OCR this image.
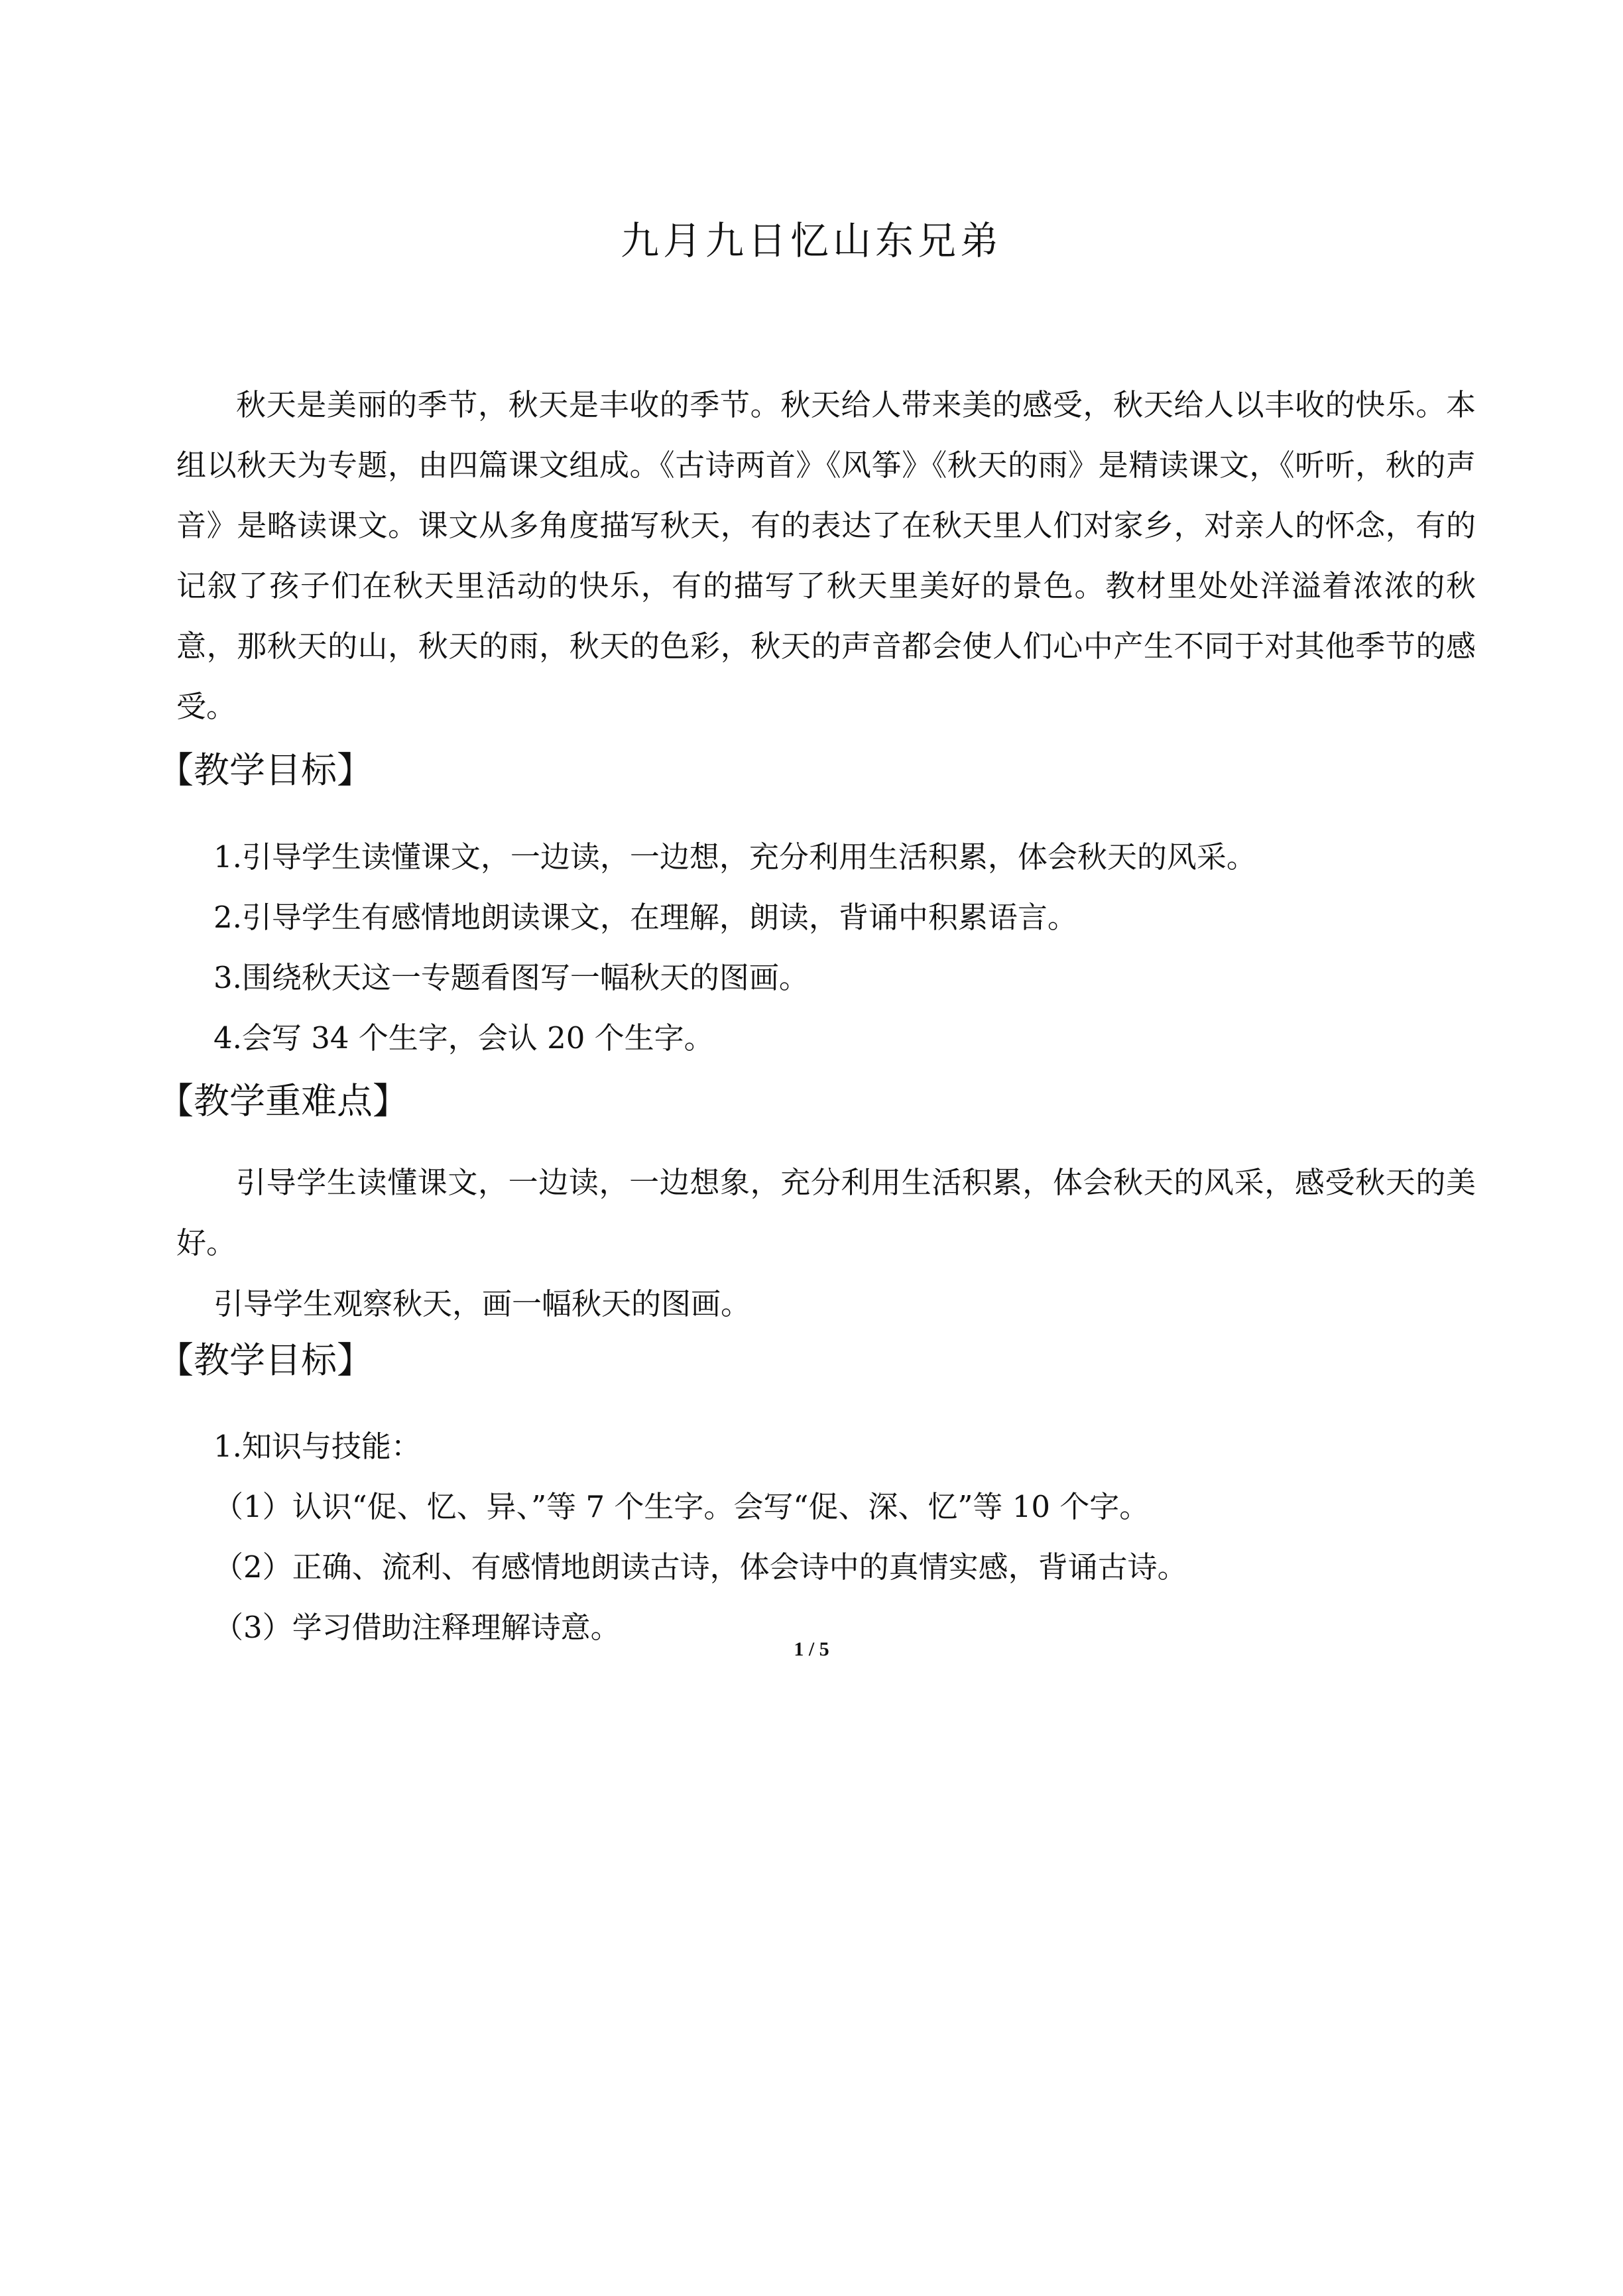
九月九日忆山东兄弟
秋天是美丽的季节，秋天是丰收的季节。秋天给人带来美的感受，秋天给人以丰收的快乐。本组以秋天为专题，由四篇课文组成。《古诗两首》《风筝》《秋天的雨》是精读课文，《听听，秋的声音》是略读课文。课文从多角度描写秋天，有的表达了在秋天里人们对家乡，对亲人的怀念，有的记叙了孩子们在秋天里活动的快乐，有的描写了秋天里美好的景色。教材里处处洋溢着浓浓的秋意，那秋天的山，秋天的雨，秋天的色彩，秋天的声音都会使人们心中产生不同于对其他季节的感受。
【教学目标】
1.引导学生读懂课文，一边读，一边想，充分利用生活积累，体会秋天的风采。
2.引导学生有感情地朗读课文，在理解，朗读，背诵中积累语言。
3.围绕秋天这一专题看图写一幅秋天的图画。
4.会写 34 个生字，会认 20 个生字。
【教学重难点】
引导学生读懂课文，一边读，一边想象，充分利用生活积累，体会秋天的风采，感受秋天的美好。
引导学生观察秋天，画一幅秋天的图画。
【教学目标】
1.知识与技能：
（1）认识“促、忆、异、”等 7 个生字。会写“促、深、忆”等 10 个字。
（2）正确、流利、有感情地朗读古诗，体会诗中的真情实感，背诵古诗。
（3）学习借助注释理解诗意。
1 / 5
